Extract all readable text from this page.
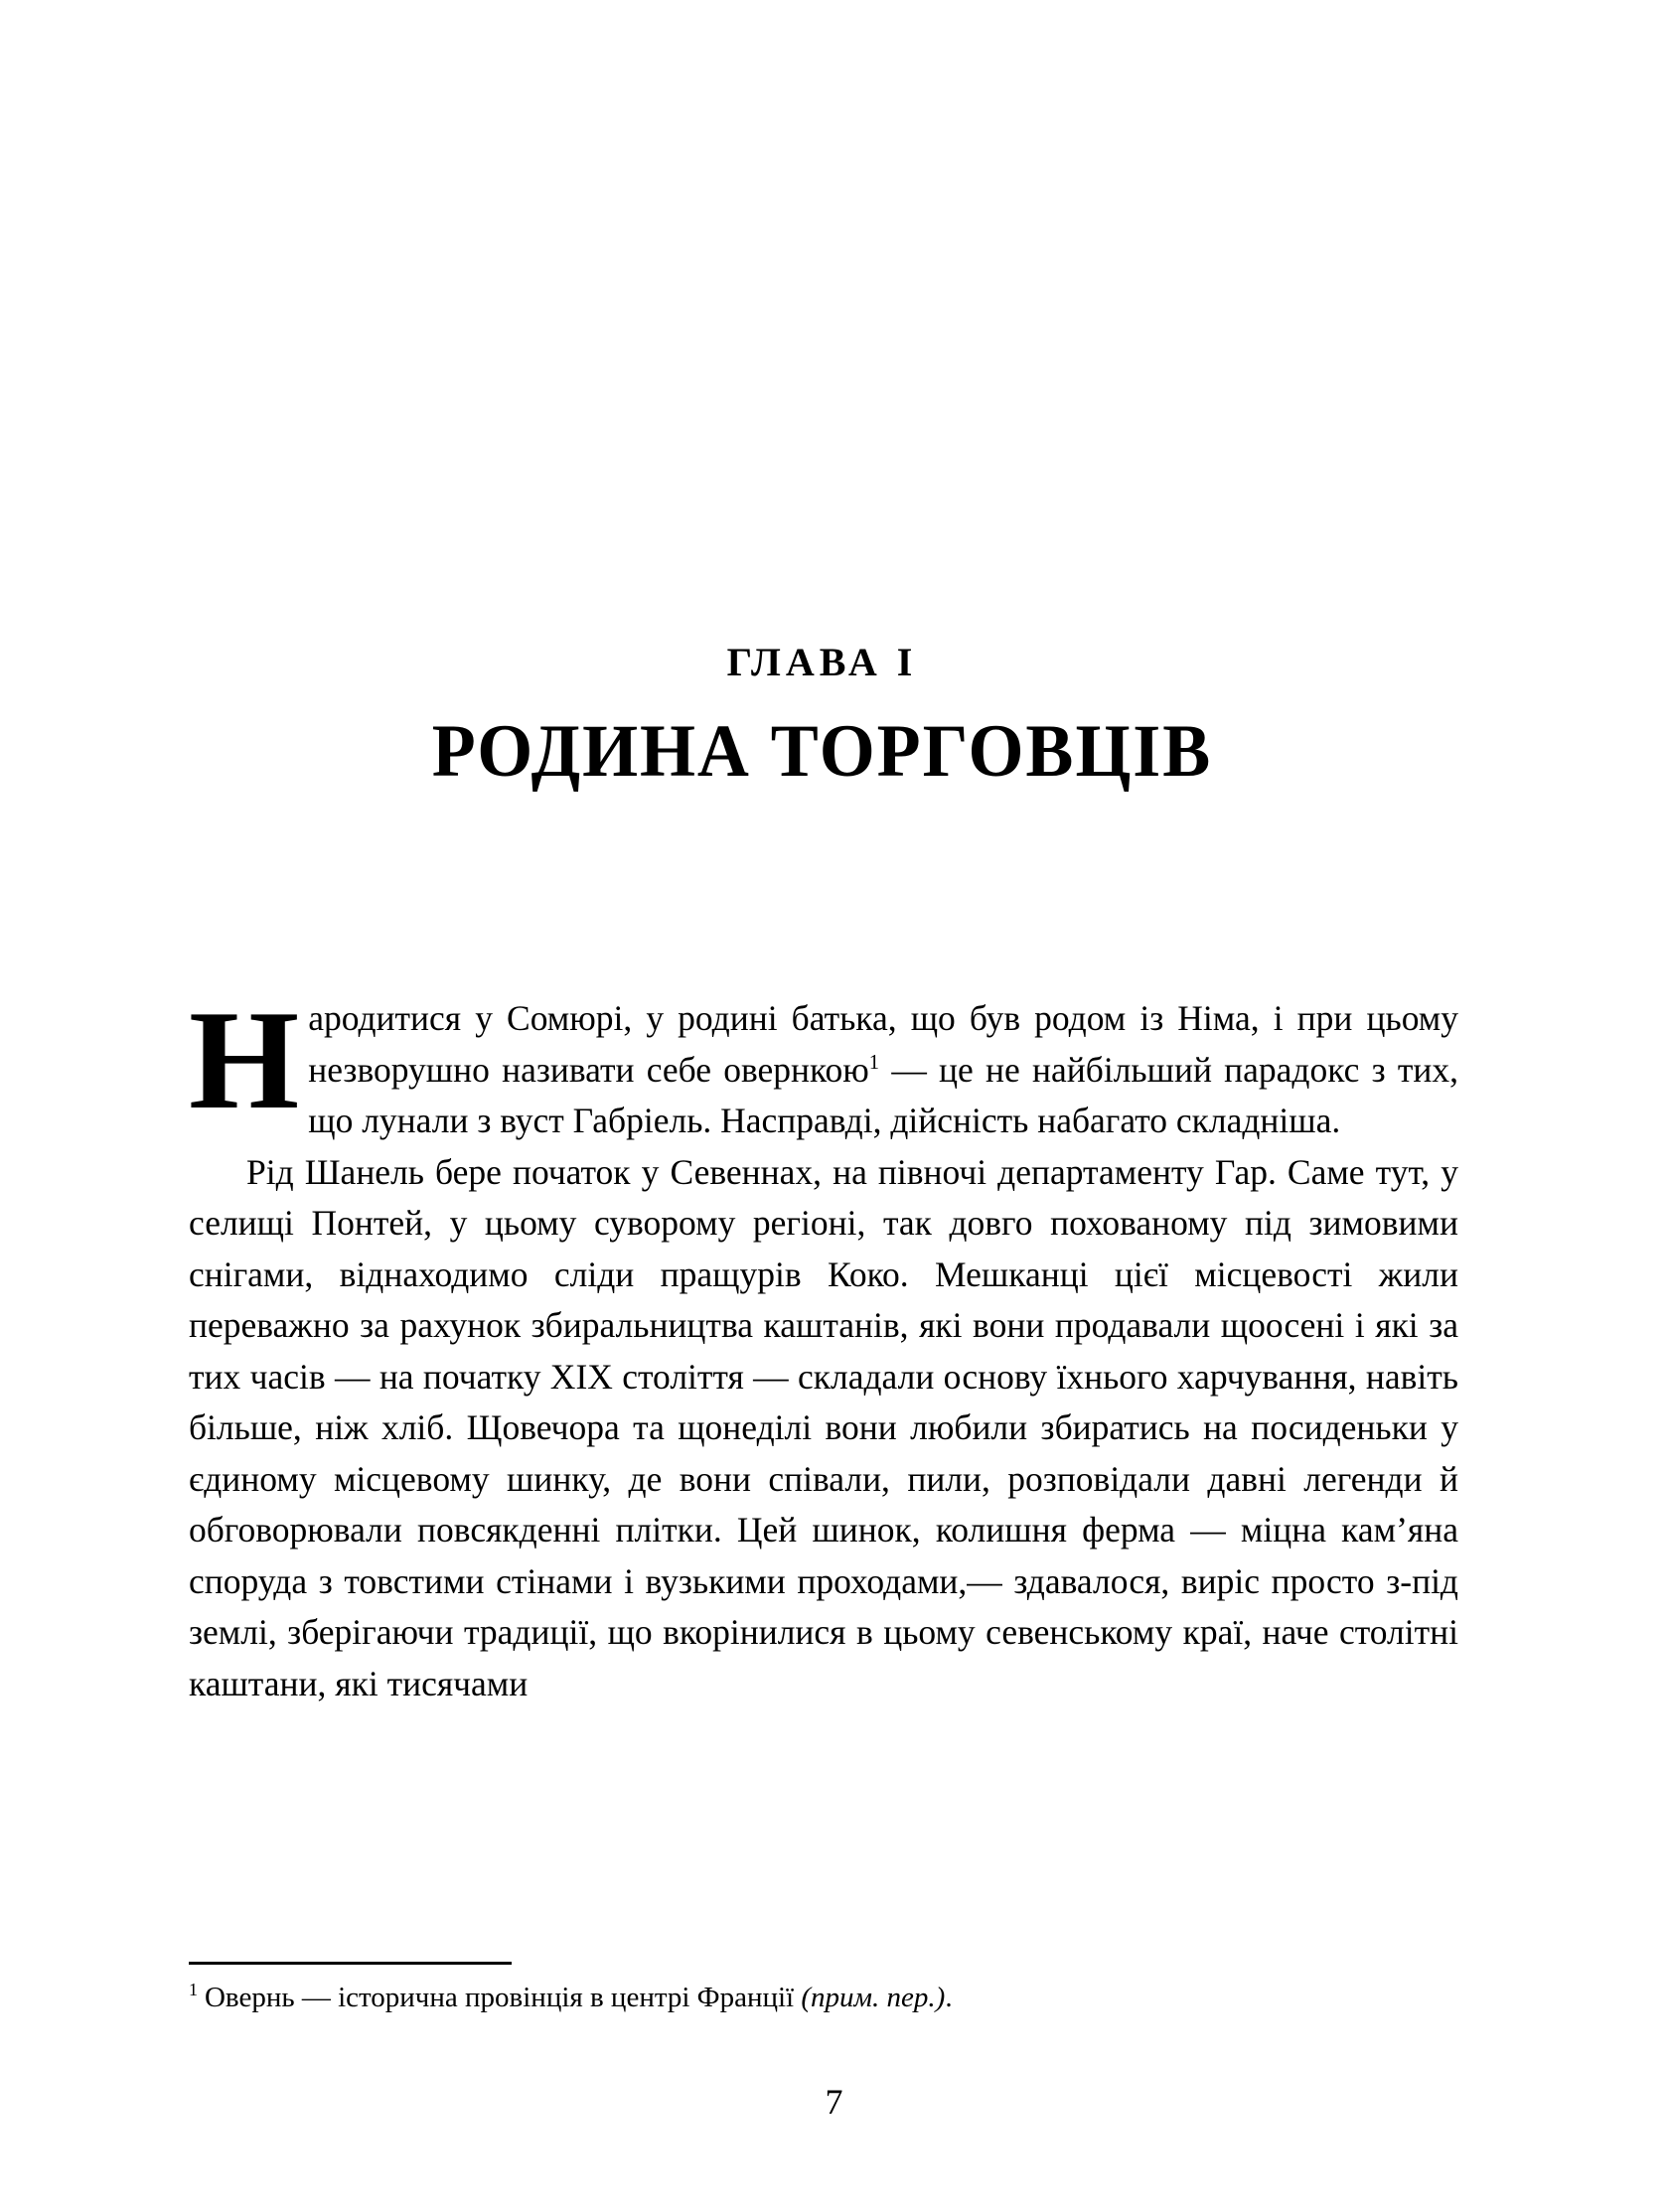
ГЛАВА I
РОДИНА ТОРГОВЦІВ

Народитися у Сомюрі, у родині батька, що був родом із Німа, і при цьому незворушно називати себе овернкою$^1$ — це не найбільший парадокс з тих, що лунали з вуст Габріель. Насправді, дійсність набагато складніша.

Рід Шанель бере початок у Севеннах, на півночі департаменту Гар. Саме тут, у селищі Понтей, у цьому суворому регіоні, так довго похованому під зимовими снігами, віднаходимо сліди пращурів Коко. Мешканці цієї місцевості жили переважно за рахунок збиральництва каштанів, які вони продавали щоосені і які за тих часів — на початку XIX століття — складали основу їхнього харчування, навіть більше, ніж хліб. Щовечора та щонеділі вони любили збиратись на посиденьки у єдиному місцевому шинку, де вони співали, пили, розповідали давні легенди й обговорювали повсякденні плітки. Цей шинок, колишня ферма — міцна кам’яна споруда з товстими стінами і вузькими проходами,— здавалося, виріс просто з-під землі, зберігаючи традиції, що вкорінилися в цьому севенському краї, наче столітні каштани, які тисячами

$^1$ Овернь — історична провінція в центрі Франції (прим. пер.).

7
